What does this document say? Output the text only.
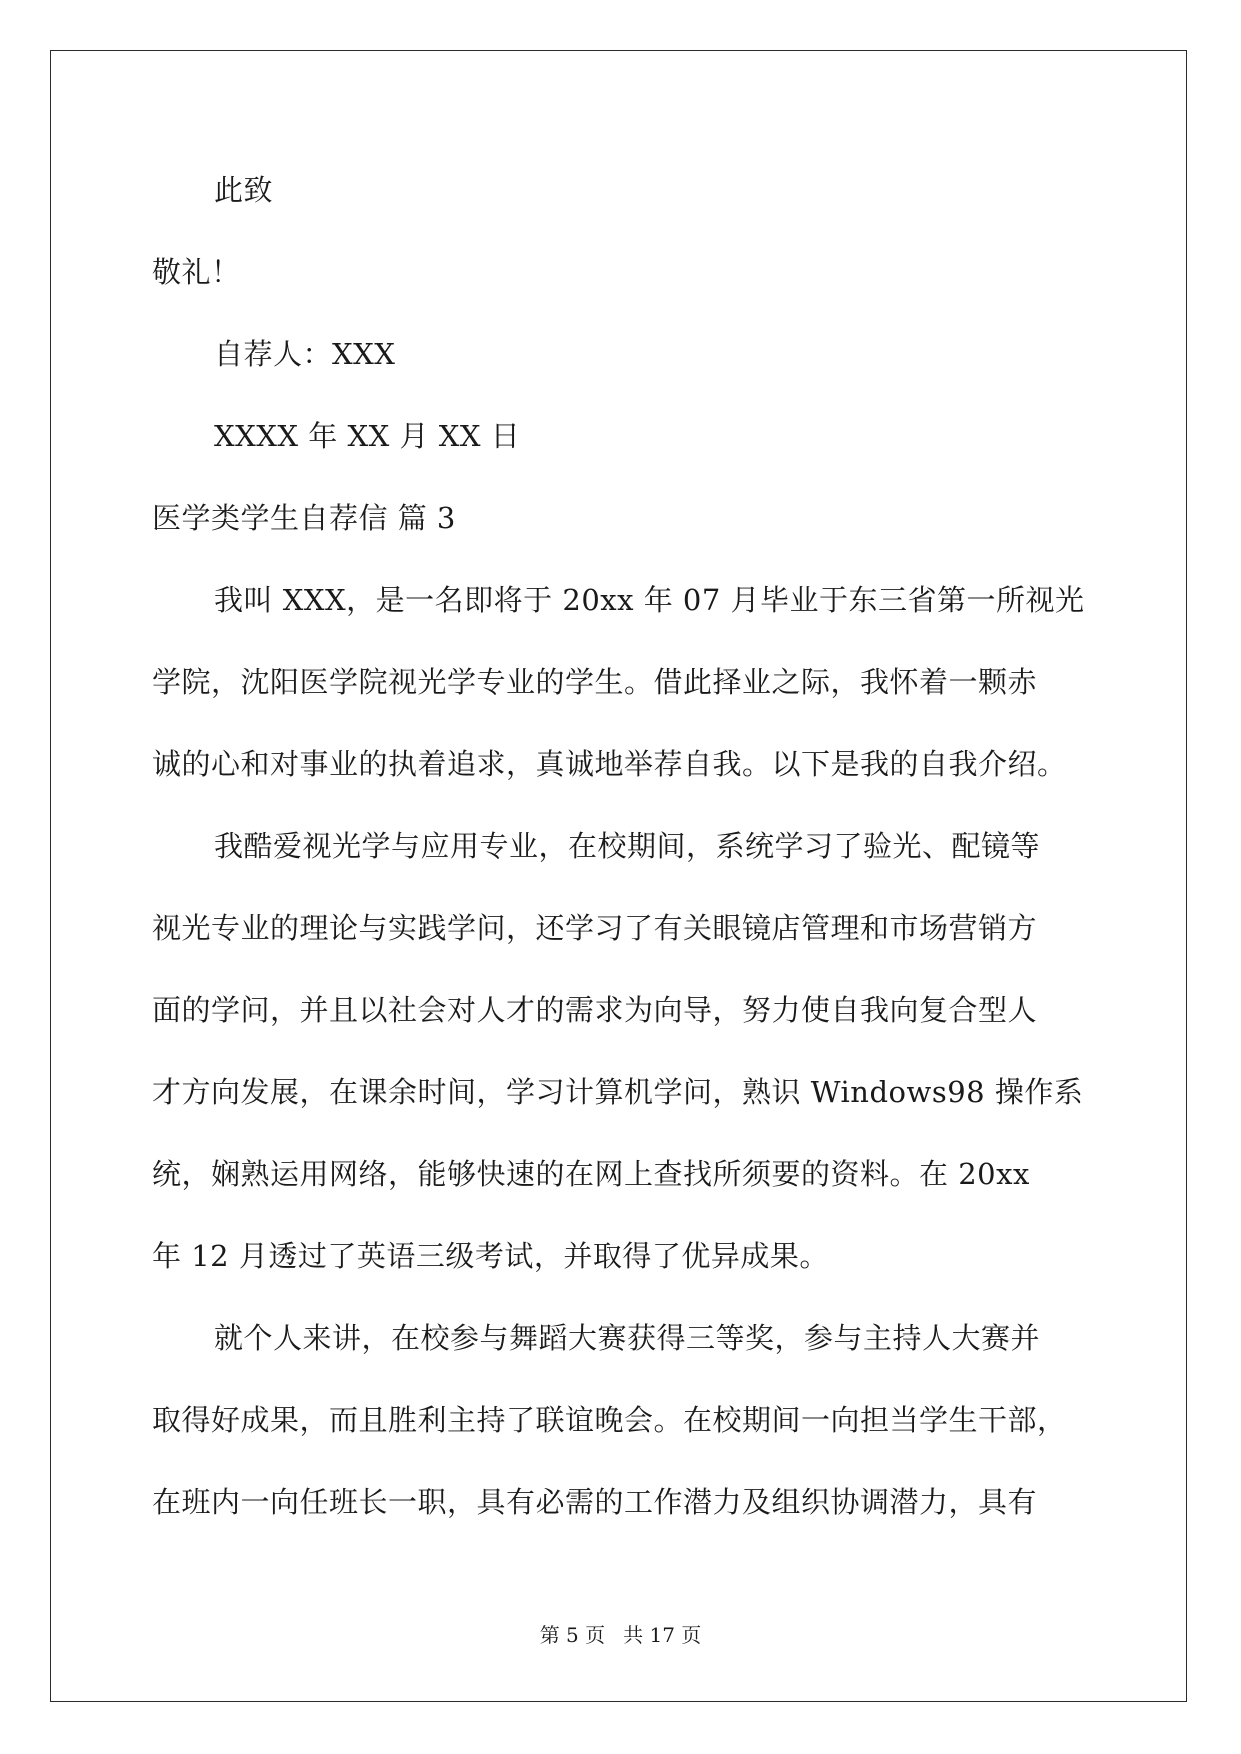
此致
敬礼！
自荐人：XXX
XXXX 年 XX 月 XX 日
医学类学生自荐信 篇 3
我叫 XXX，是一名即将于 20xx 年 07 月毕业于东三省第一所视光
学院，沈阳医学院视光学专业的学生。借此择业之际，我怀着一颗赤
诚的心和对事业的执着追求，真诚地举荐自我。以下是我的自我介绍。
我酷爱视光学与应用专业，在校期间，系统学习了验光、配镜等
视光专业的理论与实践学问，还学习了有关眼镜店管理和市场营销方
面的学问，并且以社会对人才的需求为向导，努力使自我向复合型人
才方向发展，在课余时间，学习计算机学问，熟识 Windows98 操作系
统，娴熟运用网络，能够快速的在网上查找所须要的资料。在 20xx
年 12 月透过了英语三级考试，并取得了优异成果。
就个人来讲，在校参与舞蹈大赛获得三等奖，参与主持人大赛并
取得好成果，而且胜利主持了联谊晚会。在校期间一向担当学生干部，
在班内一向任班长一职，具有必需的工作潜力及组织协调潜力，具有
第 5 页 共 17 页
